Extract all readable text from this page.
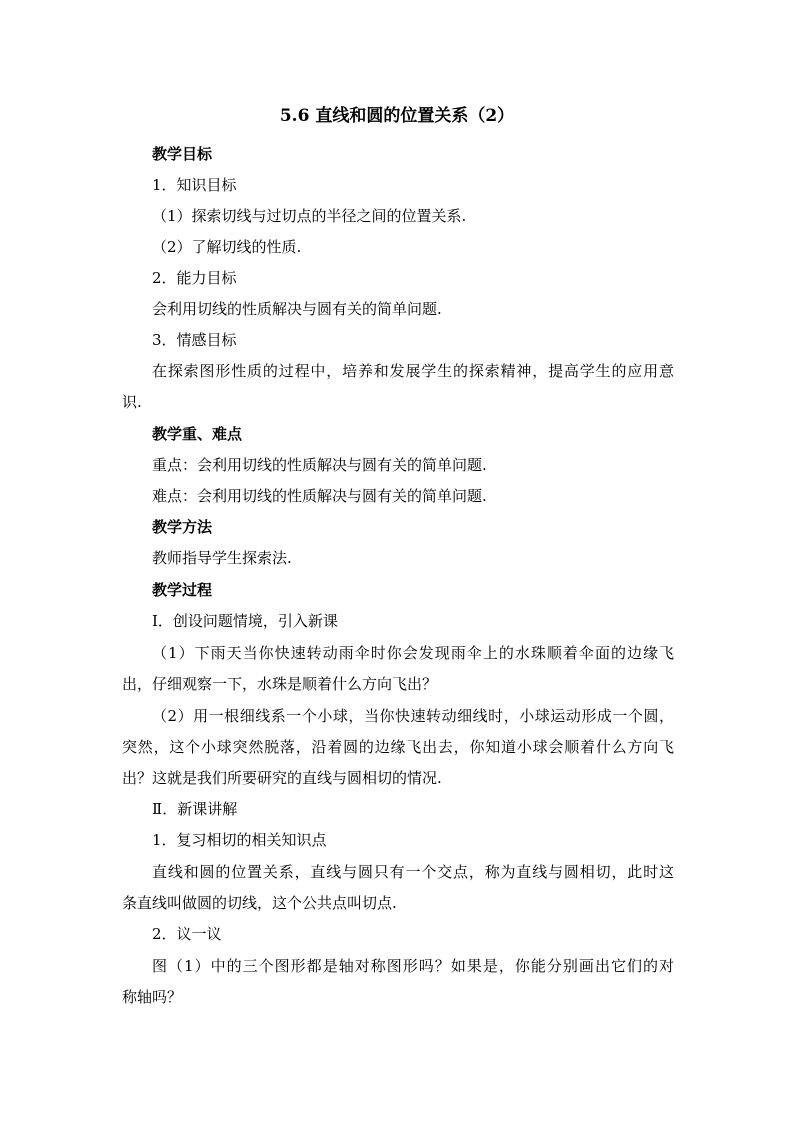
5.6 直线和圆的位置关系（2）
教学目标
1．知识目标
（1）探索切线与过切点的半径之间的位置关系.
（2）了解切线的性质.
2．能力目标
会利用切线的性质解决与圆有关的简单问题.
3．情感目标
在探索图形性质的过程中，培养和发展学生的探索精神，提高学生的应用意
识.
教学重、难点
重点：会利用切线的性质解决与圆有关的简单问题.
难点：会利用切线的性质解决与圆有关的简单问题.
教学方法
教师指导学生探索法.
教学过程
Ⅰ．创设问题情境，引入新课
（1）下雨天当你快速转动雨伞时你会发现雨伞上的水珠顺着伞面的边缘飞
出，仔细观察一下，水珠是顺着什么方向飞出？
（2）用一根细线系一个小球，当你快速转动细线时，小球运动形成一个圆，
突然，这个小球突然脱落，沿着圆的边缘飞出去，你知道小球会顺着什么方向飞
出？这就是我们所要研究的直线与圆相切的情况.
Ⅱ．新课讲解
1．复习相切的相关知识点
直线和圆的位置关系，直线与圆只有一个交点，称为直线与圆相切，此时这
条直线叫做圆的切线，这个公共点叫切点.
2．议一议
图（1）中的三个图形都是轴对称图形吗？如果是，你能分别画出它们的对
称轴吗？
